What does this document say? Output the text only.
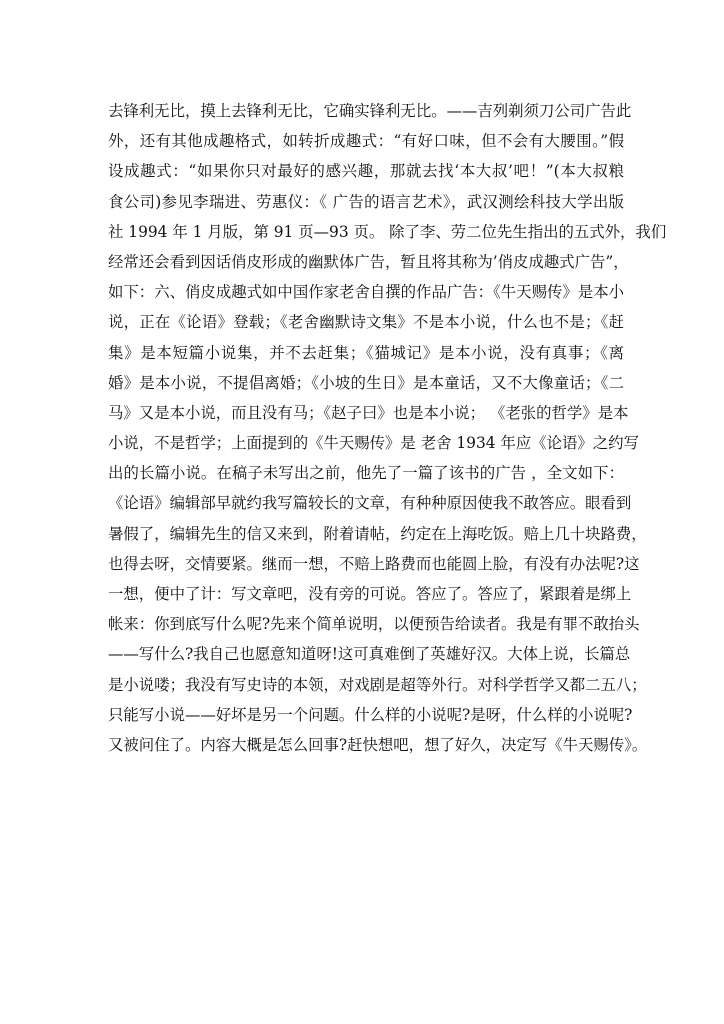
去锋利无比，摸上去锋利无比，它确实锋利无比。——吉列剃须刀公司广告此
外，还有其他成趣格式，如转折成趣式：“有好口味，但不会有大腰围。”假
设成趣式：“如果你只对最好的感兴趣，那就去找‘本大叔’吧！”(本大叔粮
食公司)参见李瑞进、劳惠仪：《 广告的语言艺术》，武汉测绘科技大学出版
社 1994 年 1 月版，第 91 页—93 页。 除了李、劳二位先生指出的五式外，我们
经常还会看到因话俏皮形成的幽默体广告，暂且将其称为’俏皮成趣式广告”，
如下：六、俏皮成趣式如中国作家老舍自撰的作品广告：《牛天赐传》是本小
说，正在《论语》登载；《老舍幽默诗文集》不是本小说，什么也不是；《赶
集》是本短篇小说集，并不去赶集；《猫城记》是本小说，没有真事；《离
婚》是本小说，不提倡离婚；《小坡的生日》是本童话，又不大像童话；《二
马》又是本小说，而且没有马；《赵子曰》也是本小说； 《老张的哲学》是本
小说，不是哲学；上面提到的《牛天赐传》是 老舍 1934 年应《论语》之约写
出的长篇小说。在稿子未写出之前，他先了一篇了该书的广告 ，全文如下：
《论语》编辑部早就约我写篇较长的文章，有种种原因使我不敢答应。眼看到
暑假了，编辑先生的信又来到，附着请帖，约定在上海吃饭。赔上几十块路费，
也得去呀，交情要紧。继而一想，不赔上路费而也能圆上脸，有没有办法呢?这
一想，便中了计：写文章吧，没有旁的可说。答应了。答应了，紧跟着是绑上
帐来：你到底写什么呢?先来个简单说明，以便预告给读者。我是有罪不敢抬头
——写什么?我自己也愿意知道呀!这可真难倒了英雄好汉。大体上说，长篇总
是小说喽；我没有写史诗的本领，对戏剧是超等外行。对科学哲学又都二五八；
只能写小说——好坏是另一个问题。什么样的小说呢?是呀，什么样的小说呢?
又被问住了。内容大概是怎么回事?赶快想吧，想了好久，决定写《牛天赐传》。
